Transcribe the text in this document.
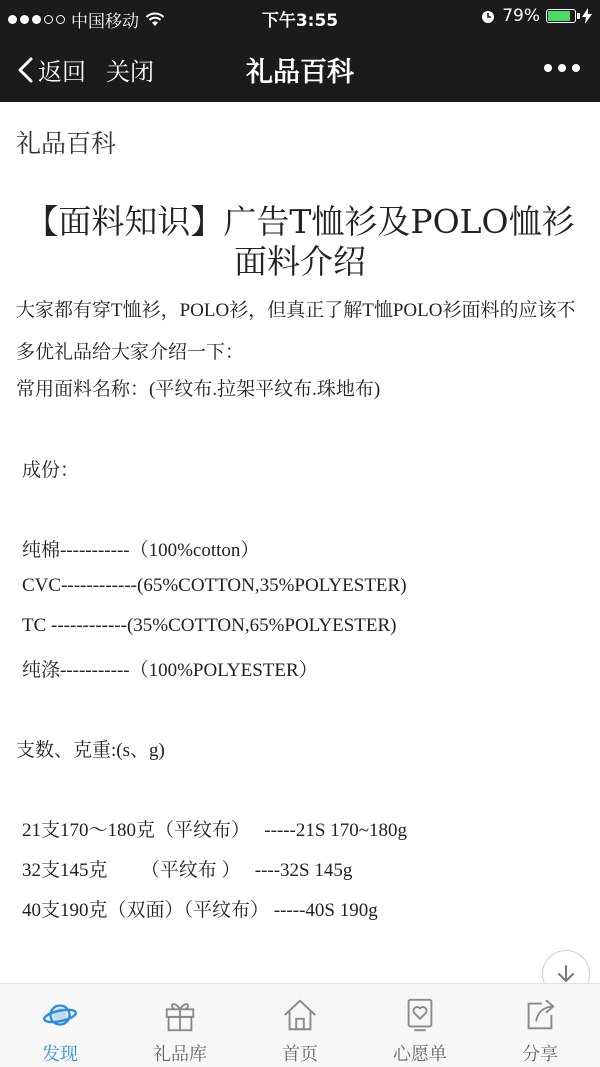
中国移动	下午3:55	79%
返回 关闭	礼品百科
礼品百科
【面料知识】广告T恤衫及POLO恤衫面料介绍
大家都有穿T恤衫，POLO衫，但真正了解T恤POLO衫面料的应该不多优礼品给大家介绍一下：
常用面料名称：(平纹布.拉架平纹布.珠地布)
成份：
纯棉-----------（100%cotton）
CVC------------(65%COTTON,35%POLYESTER)
TC ------------(35%COTTON,65%POLYESTER)
纯涤-----------（100%POLYESTER）
支数、克重:(s、g)
21支170～180克（平纹布）   -----21S 170~180g
32支145克       （平纹布 ）   ----32S 145g
40支190克（双面）（平纹布） -----40S 190g
发现	礼品库	首页	心愿单	分享
